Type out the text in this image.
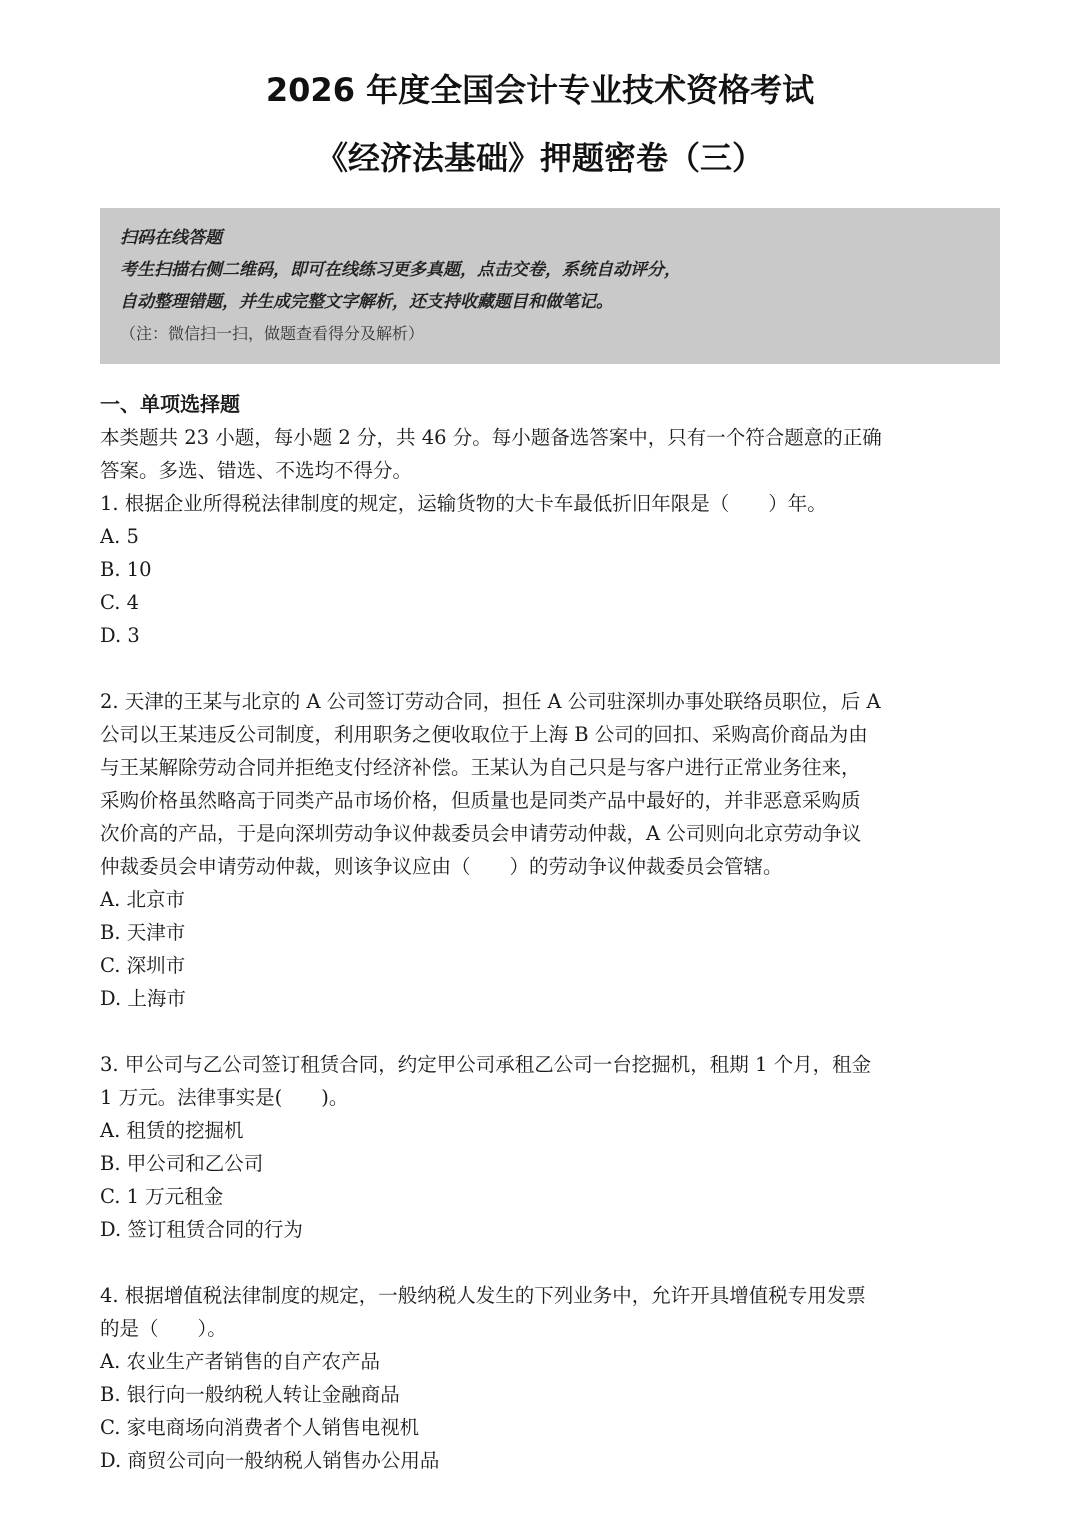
2026 年度全国会计专业技术资格考试
《经济法基础》押题密卷（三）
扫码在线答题
考生扫描右侧二维码，即可在线练习更多真题，点击交卷，系统自动评分，
自动整理错题，并生成完整文字解析，还支持收藏题目和做笔记。
（注：微信扫一扫，做题查看得分及解析）
一、单项选择题
本类题共 23 小题，每小题 2 分，共 46 分。每小题备选答案中，只有一个符合题意的正确
答案。多选、错选、不选均不得分。
1. 根据企业所得税法律制度的规定，运输货物的大卡车最低折旧年限是（　　）年。
A. 5
B. 10
C. 4
D. 3
2. 天津的王某与北京的 A 公司签订劳动合同，担任 A 公司驻深圳办事处联络员职位，后 A
公司以王某违反公司制度，利用职务之便收取位于上海 B 公司的回扣、采购高价商品为由
与王某解除劳动合同并拒绝支付经济补偿。王某认为自己只是与客户进行正常业务往来，
采购价格虽然略高于同类产品市场价格，但质量也是同类产品中最好的，并非恶意采购质
次价高的产品，于是向深圳劳动争议仲裁委员会申请劳动仲裁，A 公司则向北京劳动争议
仲裁委员会申请劳动仲裁，则该争议应由（　　）的劳动争议仲裁委员会管辖。
A. 北京市
B. 天津市
C. 深圳市
D. 上海市
3. 甲公司与乙公司签订租赁合同，约定甲公司承租乙公司一台挖掘机，租期 1 个月，租金
1 万元。法律事实是(　　)。
A. 租赁的挖掘机
B. 甲公司和乙公司
C. 1 万元租金
D. 签订租赁合同的行为
4. 根据增值税法律制度的规定，一般纳税人发生的下列业务中，允许开具增值税专用发票
的是（　　）。
A. 农业生产者销售的自产农产品
B. 银行向一般纳税人转让金融商品
C. 家电商场向消费者个人销售电视机
D. 商贸公司向一般纳税人销售办公用品
